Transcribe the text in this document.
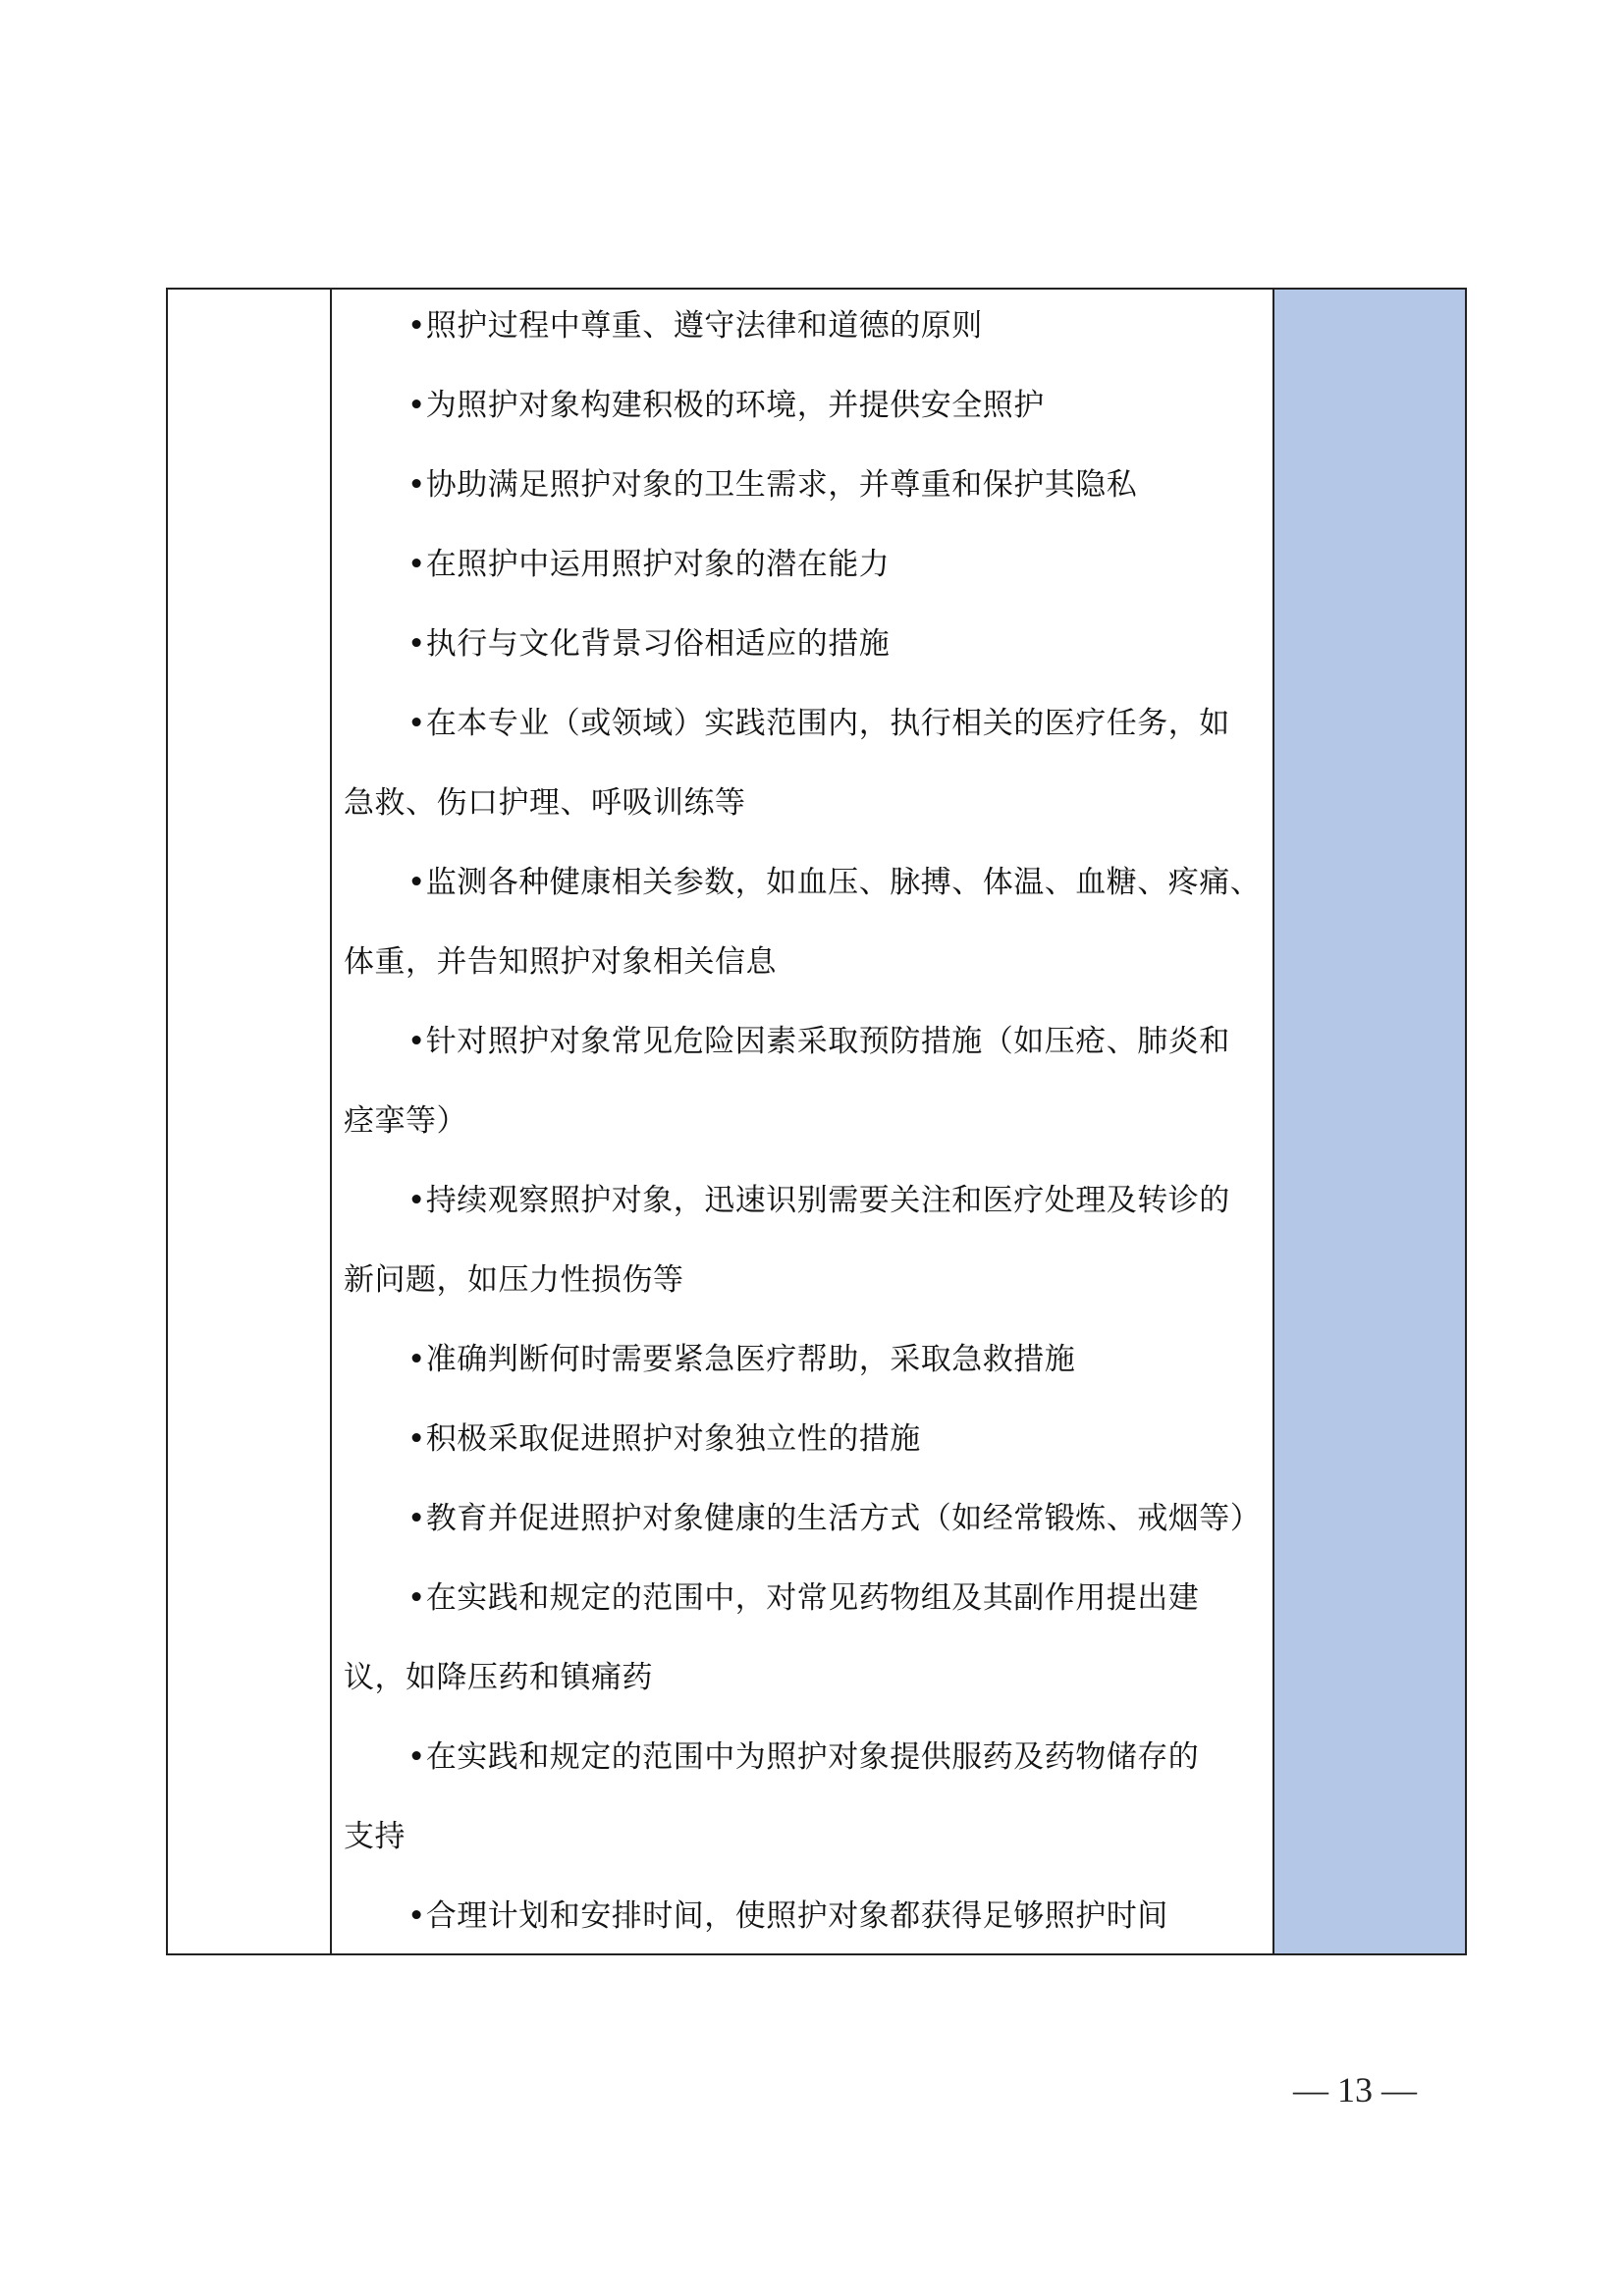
•照护过程中尊重、遵守法律和道德的原则
•为照护对象构建积极的环境，并提供安全照护
•协助满足照护对象的卫生需求，并尊重和保护其隐私
•在照护中运用照护对象的潜在能力
•执行与文化背景习俗相适应的措施
•在本专业（或领域）实践范围内，执行相关的医疗任务，如
急救、伤口护理、呼吸训练等
•监测各种健康相关参数，如血压、脉搏、体温、血糖、疼痛、
体重，并告知照护对象相关信息
•针对照护对象常见危险因素采取预防措施（如压疮、肺炎和
痉挛等）
•持续观察照护对象，迅速识别需要关注和医疗处理及转诊的
新问题，如压力性损伤等
•准确判断何时需要紧急医疗帮助，采取急救措施
•积极采取促进照护对象独立性的措施
•教育并促进照护对象健康的生活方式（如经常锻炼、戒烟等）
•在实践和规定的范围中，对常见药物组及其副作用提出建
议，如降压药和镇痛药
•在实践和规定的范围中为照护对象提供服药及药物储存的
支持
•合理计划和安排时间，使照护对象都获得足够照护时间
— 13 —
